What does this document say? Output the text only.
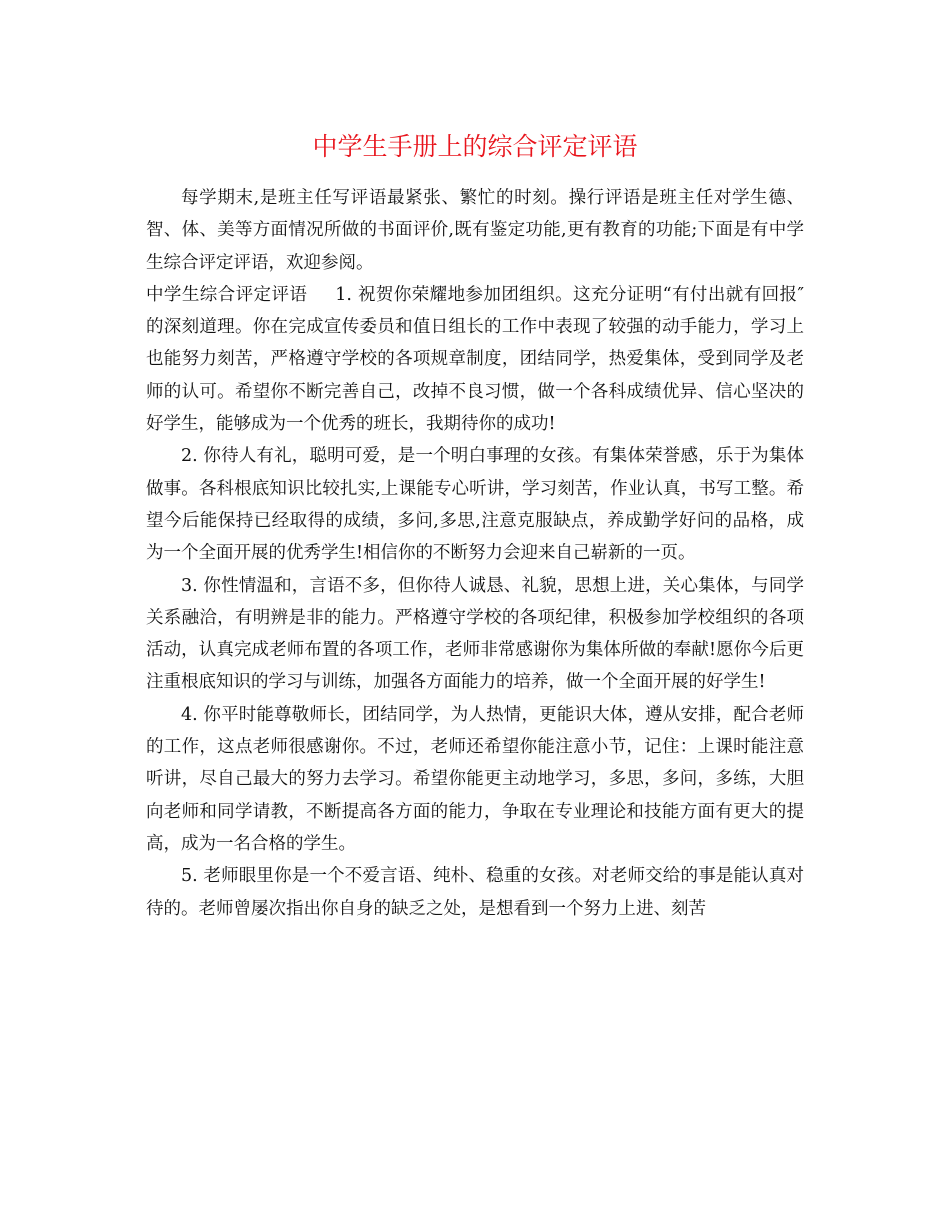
中学生手册上的综合评定评语

每学期末,是班主任写评语最紧张、繁忙的时刻。操行评语是班主任对学生德、智、体、美等方面情况所做的书面评价,既有鉴定功能,更有教育的功能;下面是有中学生综合评定评语，欢迎参阅。

中学生综合评定评语 1. 祝贺你荣耀地参加团组织。这充分证明“有付出就有回报″的深刻道理。你在完成宣传委员和值日组长的工作中表现了较强的动手能力，学习上也能努力刻苦，严格遵守学校的各项规章制度，团结同学，热爱集体，受到同学及老师的认可。希望你不断完善自己，改掉不良习惯，做一个各科成绩优异、信心坚决的好学生，能够成为一个优秀的班长，我期待你的成功!

2. 你待人有礼，聪明可爱，是一个明白事理的女孩。有集体荣誉感，乐于为集体做事。各科根底知识比较扎实,上课能专心听讲，学习刻苦，作业认真，书写工整。希望今后能保持已经取得的成绩，多问,多思,注意克服缺点，养成勤学好问的品格，成为一个全面开展的优秀学生!相信你的不断努力会迎来自己崭新的一页。

3. 你性情温和，言语不多，但你待人诚恳、礼貌，思想上进，关心集体，与同学关系融洽，有明辨是非的能力。严格遵守学校的各项纪律，积极参加学校组织的各项活动，认真完成老师布置的各项工作，老师非常感谢你为集体所做的奉献!愿你今后更注重根底知识的学习与训练，加强各方面能力的培养，做一个全面开展的好学生!

4. 你平时能尊敬师长，团结同学，为人热情，更能识大体，遵从安排，配合老师的工作，这点老师很感谢你。不过，老师还希望你能注意小节，记住：上课时能注意听讲，尽自己最大的努力去学习。希望你能更主动地学习，多思，多问，多练，大胆向老师和同学请教，不断提高各方面的能力，争取在专业理论和技能方面有更大的提高，成为一名合格的学生。

5. 老师眼里你是一个不爱言语、纯朴、稳重的女孩。对老师交给的事是能认真对待的。老师曾屡次指出你自身的缺乏之处，是想看到一个努力上进、刻苦
